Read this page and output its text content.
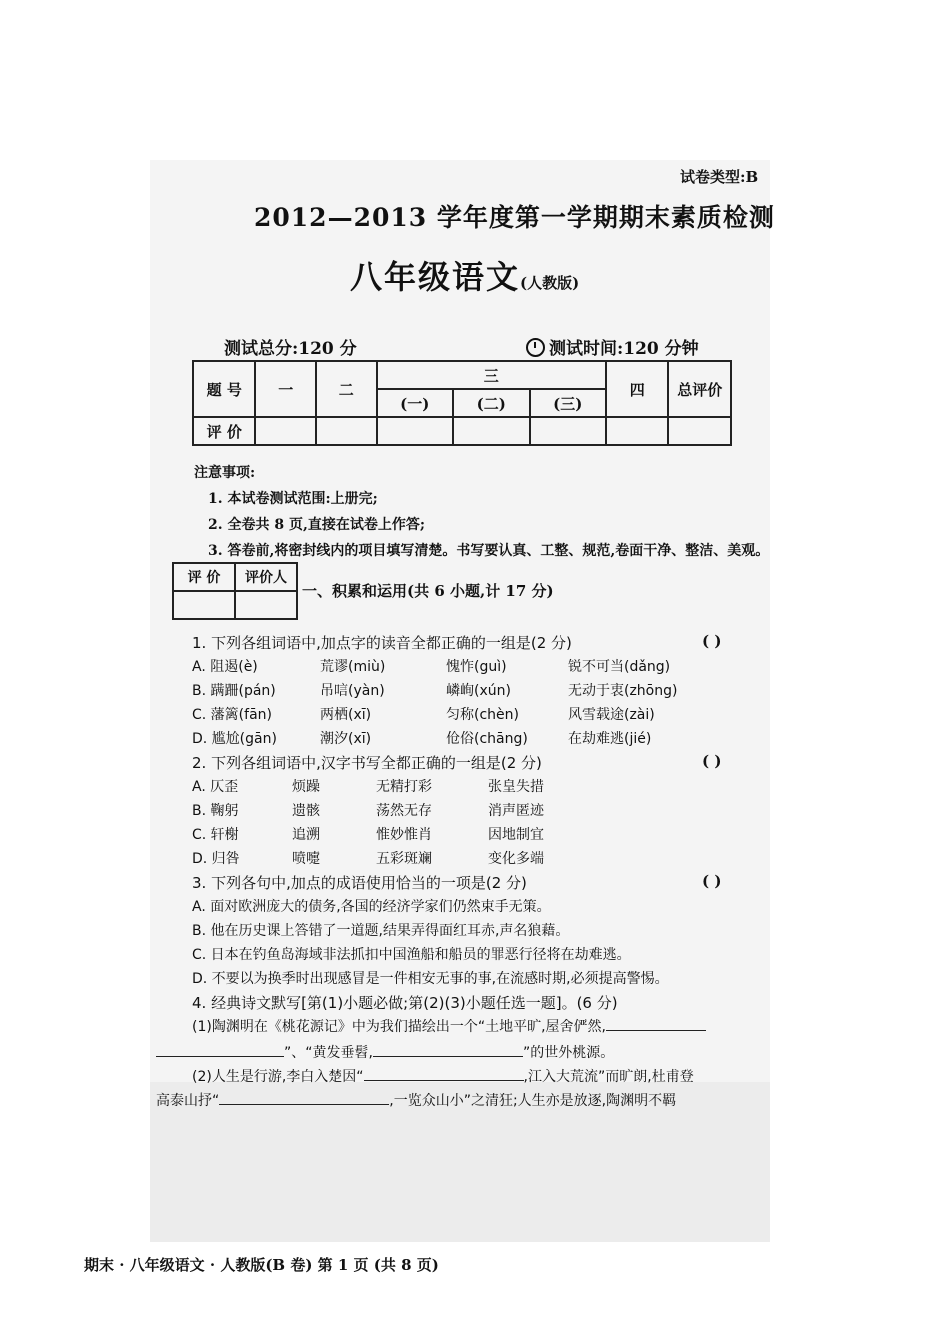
试卷类型:B
2012—2013 学年度第一学期期末素质检测
八年级语文(人教版)
测试总分:120 分	测试时间:120 分钟
题 号	一	二	三			四	总评价
			(一)	(二)	(三)		
评 价							
注意事项:
1. 本试卷测试范围:上册完;
2. 全卷共 8 页,直接在试卷上作答;
3. 答卷前,将密封线内的项目填写清楚。书写要认真、工整、规范,卷面干净、整洁、美观。
评 价	评价人

一、积累和运用(共 6 小题,计 17 分)
1. 下列各组词语中,加点字的读音全都正确的一组是(2 分)	( )
A. 阻遏(è)	荒谬(miù)	愧怍(guì)	锐不可当(dǎng)
B. 蹒跚(pán)	吊唁(yàn)	嶙峋(xún)	无动于衷(zhōng)
C. 藩篱(fān)	两栖(xī)	匀称(chèn)	风雪载途(zài)
D. 尴尬(gān)	潮汐(xī)	伧俗(chāng)	在劫难逃(jié)
2. 下列各组词语中,汉字书写全都正确的一组是(2 分)	( )
A. 仄歪	烦躁	无精打彩	张皇失措
B. 鞠躬	遗骸	荡然无存	消声匿迹
C. 轩榭	追溯	惟妙惟肖	因地制宜
D. 归咎	喷嚏	五彩斑斓	变化多端
3. 下列各句中,加点的成语使用恰当的一项是(2 分)	( )
A. 面对欧洲庞大的债务,各国的经济学家们仍然束手无策。
B. 他在历史课上答错了一道题,结果弄得面红耳赤,声名狼藉。
C. 日本在钓鱼岛海域非法抓扣中国渔船和船员的罪恶行径将在劫难逃。
D. 不要以为换季时出现感冒是一件相安无事的事,在流感时期,必须提高警惕。
4. 经典诗文默写[第(1)小题必做;第(2)(3)小题任选一题]。(6 分)
(1)陶渊明在《桃花源记》中为我们描绘出一个“土地平旷,屋舍俨然,
”、“黄发垂髫,	”的世外桃源。
(2)人生是行游,李白入楚因“	,江入大荒流”而旷朗,杜甫登
高泰山抒“	,一览众山小”之清狂;人生亦是放逐,陶渊明不羁
期末 · 八年级语文 · 人教版(B 卷) 第 1 页 (共 8 页)
